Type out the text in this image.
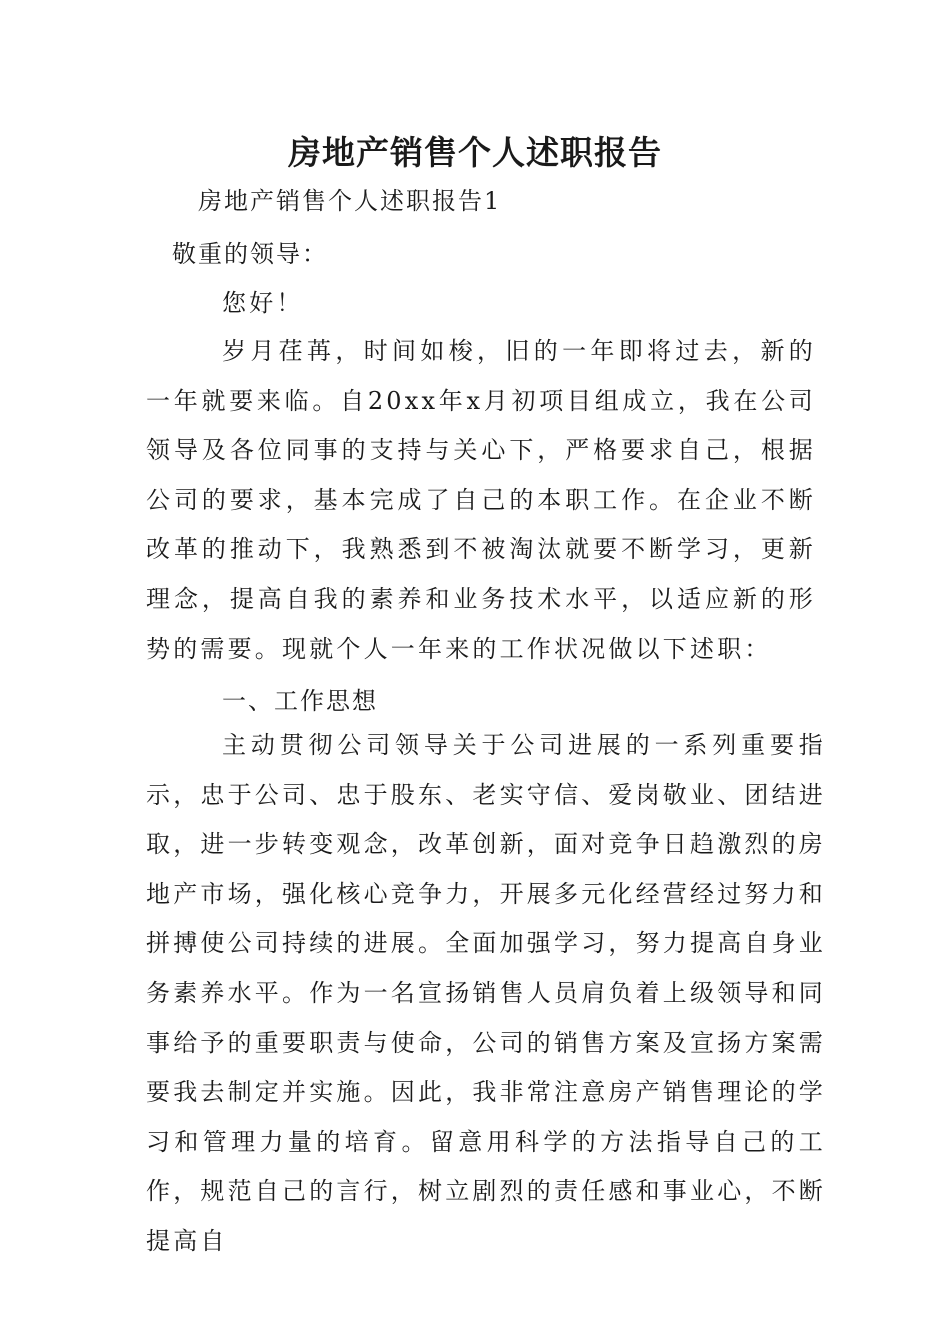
房地产销售个人述职报告
房地产销售个人述职报告1
敬重的领导：
您好！

岁月荏苒，时间如梭，旧的一年即将过去，新的一年就要来临。自20xx年x月初项目组成立，我在公司领导及各位同事的支持与关心下，严格要求自己，根据公司的要求，基本完成了自己的本职工作。在企业不断改革的推动下，我熟悉到不被淘汰就要不断学习，更新理念，提高自我的素养和业务技术水平，以适应新的形势的需要。现就个人一年来的工作状况做以下述职：

一、工作思想

主动贯彻公司领导关于公司进展的一系列重要指示，忠于公司、忠于股东、老实守信、爱岗敬业、团结进取，进一步转变观念，改革创新，面对竞争日趋激烈的房地产市场，强化核心竞争力，开展多元化经营经过努力和拼搏使公司持续的进展。全面加强学习，努力提高自身业务素养水平。作为一名宣扬销售人员肩负着上级领导和同事给予的重要职责与使命，公司的销售方案及宣扬方案需要我去制定并实施。因此，我非常注意房产销售理论的学习和管理力量的培育。留意用科学的方法指导自己的工作，规范自己的言行，树立剧烈的责任感和事业心，不断提高自
